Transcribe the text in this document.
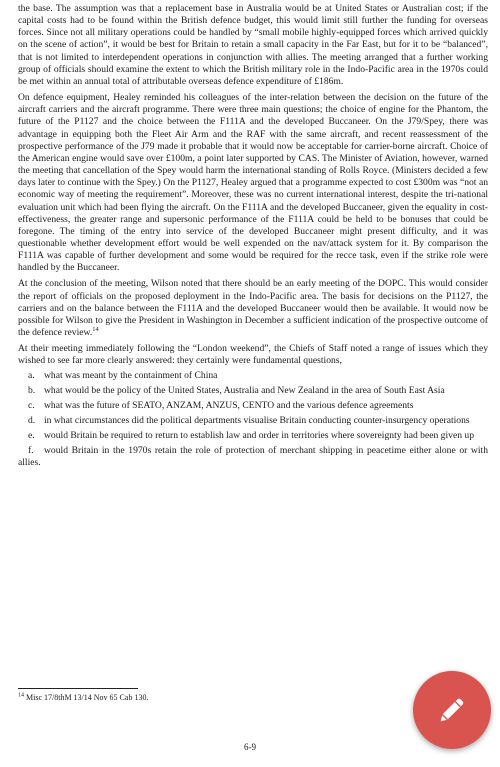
the base. The assumption was that a replacement base in Australia would be at United States or Australian cost; if the capital costs had to be found within the British defence budget, this would limit still further the funding for overseas forces. Since not all military operations could be handled by “small mobile highly-equipped forces which arrived quickly on the scene of action”, it would be best for Britain to retain a small capacity in the Far East, but for it to be “balanced”, that is not limited to interdependent operations in conjunction with allies. The meeting arranged that a further working group of officials should examine the extent to which the British military role in the Indo-Pacific area in the 1970s could be met within an annual total of attributable overseas defence expenditure of £186m.

On defence equipment, Healey reminded his colleagues of the inter-relation between the decision on the future of the aircraft carriers and the aircraft programme. There were three main questions; the choice of engine for the Phantom, the future of the P1127 and the choice between the F111A and the developed Buccaneer. On the J79/Spey, there was advantage in equipping both the Fleet Air Arm and the RAF with the same aircraft, and recent reassessment of the prospective performance of the J79 made it probable that it would now be acceptable for carrier-borne aircraft. Choice of the American engine would save over £100m, a point later supported by CAS. The Minister of Aviation, however, warned the meeting that cancellation of the Spey would harm the international standing of Rolls Royce. (Ministers decided a few days later to continue with the Spey.) On the P1127, Healey argued that a programme expected to cost £300m was “not an economic way of meeting the requirement”. Moreover, these was no current international interest, despite the tri-national evaluation unit which had been flying the aircraft. On the F111A and the developed Buccaneer, given the equality in cost-effectiveness, the greater range and supersonic performance of the F111A could be held to be bonuses that could be foregone. The timing of the entry into service of the developed Buccaneer might present difficulty, and it was questionable whether development effort would be well expended on the nav/attack system for it. By comparison the F111A was capable of further development and some would be required for the recce task, even if the strike role were handled by the Buccaneer.

At the conclusion of the meeting, Wilson noted that there should be an early meeting of the DOPC. This would consider the report of officials on the proposed deployment in the Indo-Pacific area. The basis for decisions on the P1127, the carriers and on the balance between the F111A and the developed Buccaneer would then be available. It would now be possible for Wilson to give the President in Washington in December a sufficient indication of the prospective outcome of the defence review.$^{14}$

At their meeting immediately following the “London weekend”, the Chiefs of Staff noted a range of issues which they wished to see far more clearly answered: they certainly were fundamental questions,

a. what was meant by the containment of China
b. what would be the policy of the United States, Australia and New Zealand in the area of South East Asia
c. what was the future of SEATO, ANZAM, ANZUS, CENTO and the various defence agreements
d. in what circumstances did the political departments visualise Britain conducting counter-insurgency operations
e. would Britain be required to return to establish law and order in territories where sovereignty had been given up
f. would Britain in the 1970s retain the role of protection of merchant shipping in peacetime either alone or with allies.
$^{14}$ Misc 17/8thM 13/14 Nov 65 Cab 130.
6-9
